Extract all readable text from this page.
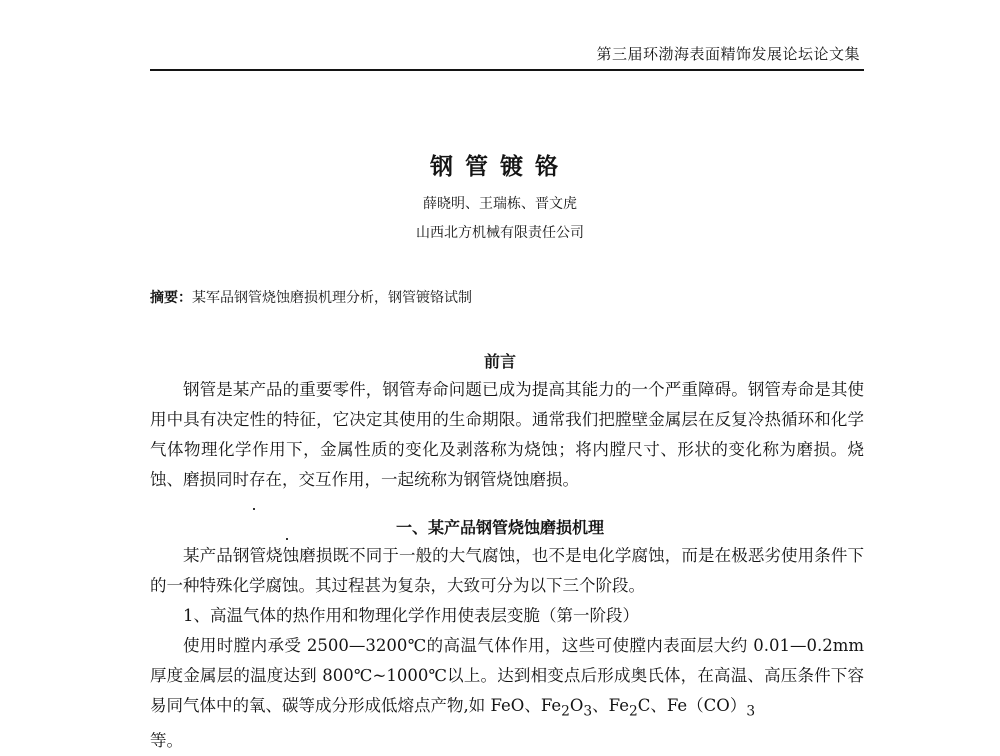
第三届环渤海表面精饰发展论坛论文集
钢管镀铬
薛晓明、王瑞栋、晋文虎
山西北方机械有限责任公司
摘要：某军品钢管烧蚀磨损机理分析，钢管镀铬试制
前言
钢管是某产品的重要零件，钢管寿命问题已成为提高其能力的一个严重障碍。钢管寿命是其使用中具有决定性的特征，它决定其使用的生命期限。通常我们把膛壁金属层在反复冷热循环和化学气体物理化学作用下，金属性质的变化及剥落称为烧蚀；将内膛尺寸、形状的变化称为磨损。烧蚀、磨损同时存在，交互作用，一起统称为钢管烧蚀磨损。
一、某产品钢管烧蚀磨损机理
某产品钢管烧蚀磨损既不同于一般的大气腐蚀，也不是电化学腐蚀，而是在极恶劣使用条件下的一种特殊化学腐蚀。其过程甚为复杂，大致可分为以下三个阶段。
1、高温气体的热作用和物理化学作用使表层变脆（第一阶段）
使用时膛内承受 2500—3200℃的高温气体作用，这些可使膛内表面层大约 0.01—0.2mm 厚度金属层的温度达到 800℃~1000℃以上。达到相变点后形成奥氏体，在高温、高压条件下容易同气体中的氧、碳等成分形成低熔点产物,如 FeO、$Fe_2O_3$、$Fe_2C$、$Fe(CO)_3$
等。
